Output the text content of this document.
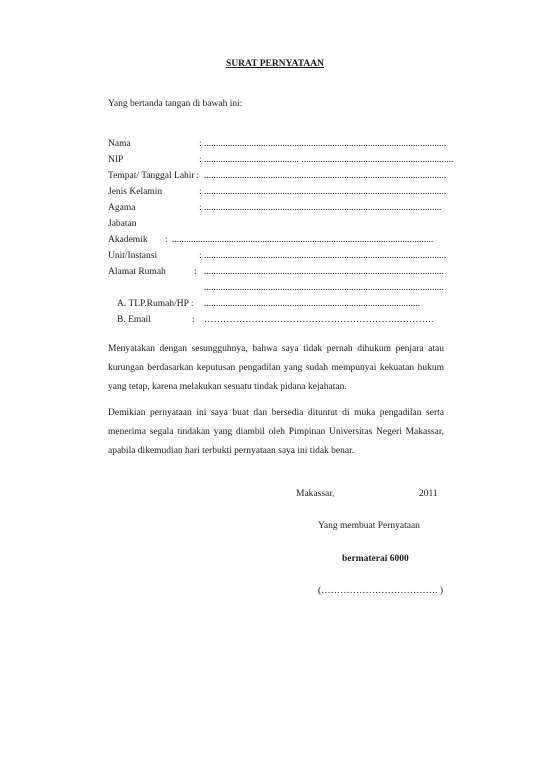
SURAT PERNYATAAN
Yang bertanda tangan di bawah ini:
Nama	: ......................................................................................................
NIP	: ........................................ ................................................................
Tempat/ Tanggal Lahir : ......................................................................................................
Jenis Kelamin	: ......................................................................................................
Agama	: ....................................................................................................
Jabatan
Akademik : ..............................................................................................................
Unit/Instansi	: ......................................................................................................
Alamat Rumah	: .....................................................................................................
.....................................................................................................
A. TLP.Rumah/HP : ...........................................................................................
B. Email	: …………………………………………………….…………
Menyatakan dengan sesungguhnya, bahwa saya tidak pernah dihukum penjara atau kurungan berdasarkan keputusan pengadilan yang sudah mempunyai kekuatan hukum yang tetap, karena melakukan sesuatu tindak pidana kejahatan.
Demikian pernyataan ini saya buat dan bersedia dituntut di muka pengadilan serta menerima segala tindakan yang diambil oleh Pimpinan Universitas Negeri Makassar, apabila dikemudian hari terbukti pernyataan saya ini tidak benar.
Makassar,	2011
Yang membuat Pernyataan
bermaterai 6000
(………………………………. )
